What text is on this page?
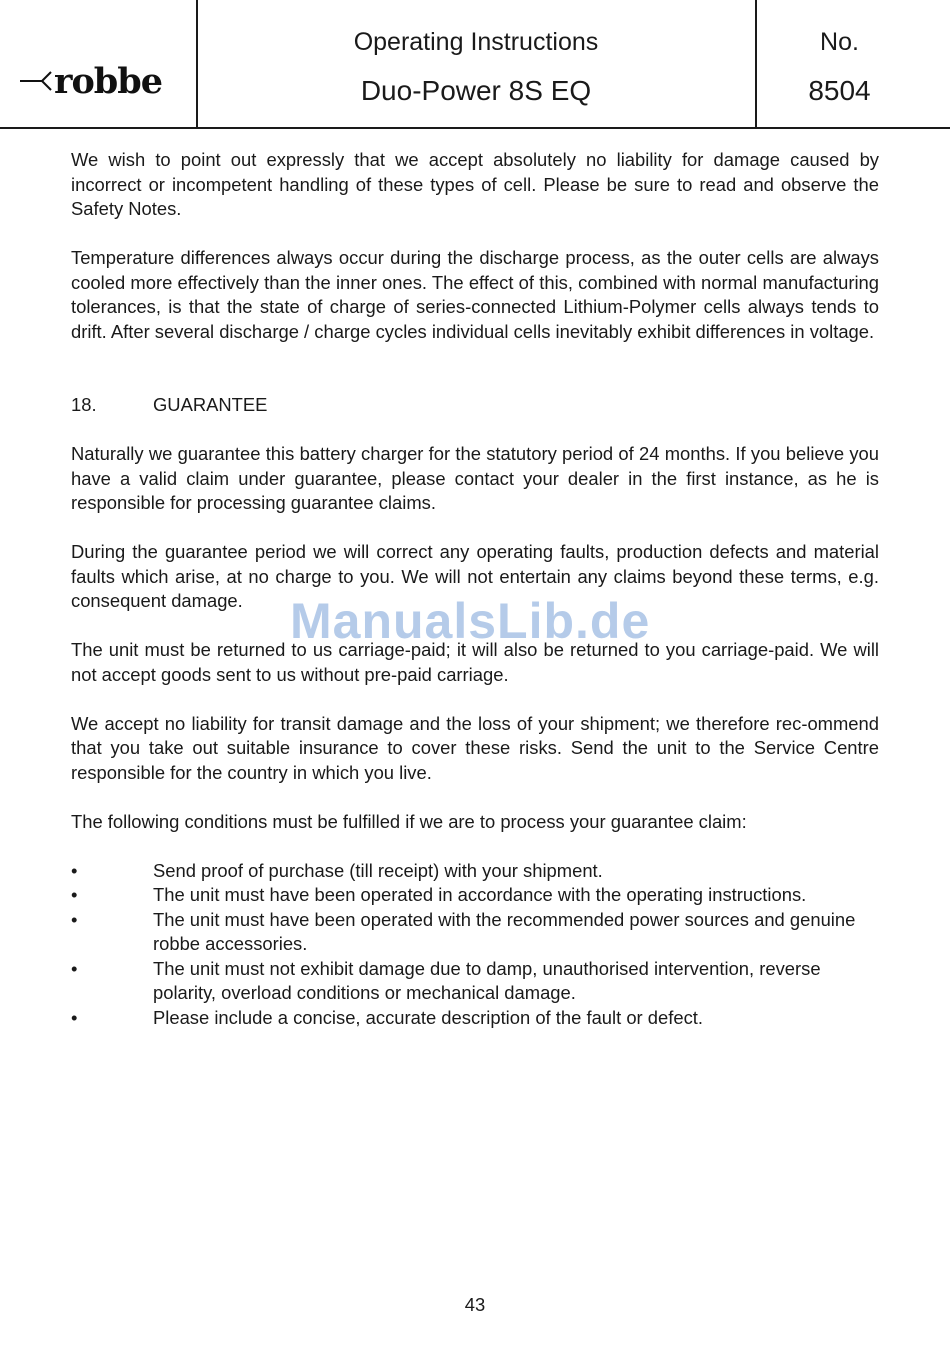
robbe
Operating Instructions
Duo-Power 8S EQ
No.
8504

We wish to point out expressly that we accept absolutely no liability for damage caused by incorrect or incompetent handling of these types of cell. Please be sure to read and observe the Safety Notes.

Temperature differences always occur during the discharge process, as the outer cells are always cooled more effectively than the inner ones. The effect of this, combined with normal manufacturing tolerances, is that the state of charge of series-connected Lithium-Polymer cells always tends to drift. After several discharge / charge cycles individual cells inevitably exhibit differences in voltage.

18.	GUARANTEE

Naturally we guarantee this battery charger for the statutory period of 24 months. If you believe you have a valid claim under guarantee, please contact your dealer in the first instance, as he is responsible for processing guarantee claims.

During the guarantee period we will correct any operating faults, production defects and material faults which arise, at no charge to you. We will not entertain any claims beyond these terms, e.g. consequent damage.

The unit must be returned to us carriage-paid; it will also be returned to you carriage-paid. We will not accept goods sent to us without pre-paid carriage.

We accept no liability for transit damage and the loss of your shipment; we therefore rec-ommend that you take out suitable insurance to cover these risks. Send the unit to the Service Centre responsible for the country in which you live.

The following conditions must be fulfilled if we are to process your guarantee claim:

•	Send proof of purchase (till receipt) with your shipment.
•	The unit must have been operated in accordance with the operating instructions.
•	The unit must have been operated with the recommended power sources and genuine robbe accessories.
•	The unit must not exhibit damage due to damp, unauthorised intervention, reverse polarity, overload conditions or mechanical damage.
•	Please include a concise, accurate description of the fault or defect.
ManualsLib.de
43
